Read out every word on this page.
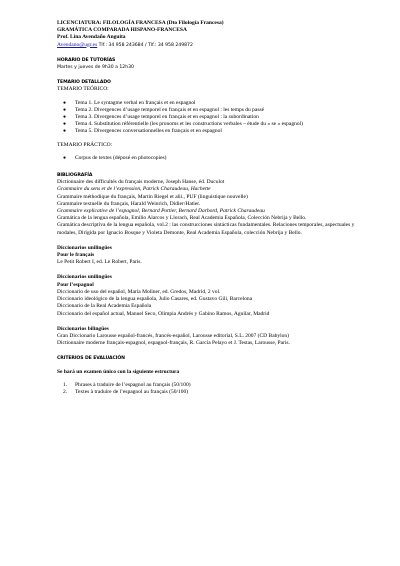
LICENCIATURA: FILOLOGÍA FRANCESA (Dto Filología Francesa)
GRAMÁTICA COMPARADA HISPANO-FRANCESA
Prof. Lina Avendaño Anguita
Avendano@ugr.es Tlf.: 34 958 243684 / Tlf.: 34 958 249872
HORARIO DE TUTORÍAS
Martes y jueves de 9h30 a 12h30
TEMARIO DETALLADO
TEMARIO TEÓRICO:
● Tema 1. Le syntagme verbal en français et en espagnol
● Tema 2. Divergences d’usage temporel en français et en espagnol : les temps du passé
● Tema 3. Divergences d’usage temporel en français et en espagnol : la subordination
● Tema 4. Substitution référentielle (les pronoms et les constructions verbales – étude du « se » espagnol)
● Tema 5. Divergences conversationnelles en français et en espagnol
TEMARIO PRÁCTICO:
● Corpus de textes (déposé en photocopies)
BIBLIOGRAFÍA
Dictionnaire des difficultés du français moderne, Joseph Hanse, éd. Duculot
Grammaire du sens et de l’expression, Patrick Charaudeau, Hachette
Grammaire méthodique du français, Martin Riegel et alii., PUF (linguistique nouvelle)
Grammaire textuelle du français, Harald Weinrich, Didier/Hatier.
Grammaire explicative de l’espagnol, Bernard Pottier, Bernard Darbord, Patrick Charaudeau
Gramática de la lengua española, Emilio Alarcos y Llorach, Real Academia Española, Colección Nebrija y Bello.
Gramática descriptiva de la lengua española, vol.2 : las construcciones sintácticas fundamentales. Relaciones temporales, aspectuales y modales, Dirigida por Ignacio Bosque y Violeta Demonte, Real Academia Española, colección Nebrija y Bello.
Diccionarios unilingües
Pour le français
Le Petit Robert I, ed. Le Robert, Paris.
Diccionarios unilingües
Pour l’espagnol
Diccionario de uso del español, María Moliner, ed. Gredos, Madrid, 2 vol.
Diccionario ideológico de la lengua española, Julio Casares, ed. Gustavo Gili, Barcelona
Diccionario de la Real Academia Española
Diccionario del español actual, Manuel Seco, Olimpia Andrés y Gabino Ramos, Aguilar, Madrid
Diccionarios bilingües
Gran Diccionario Larousse español-francés, francés-español, Larousse editorial, S.L. 2007 (CD Babylon)
Dictionnaire moderne français-espagnol, espagnol-français, R. García Pelayo et J. Testas, Larousse, Paris.
CRITERIOS DE EVALUACIÓN
Se hará un examen único con la siguiente estructura
1. Phrases à traduire de l’espagnol au français (50/100)
2. Textes à traduire de l’espagnol au français (50/100)
